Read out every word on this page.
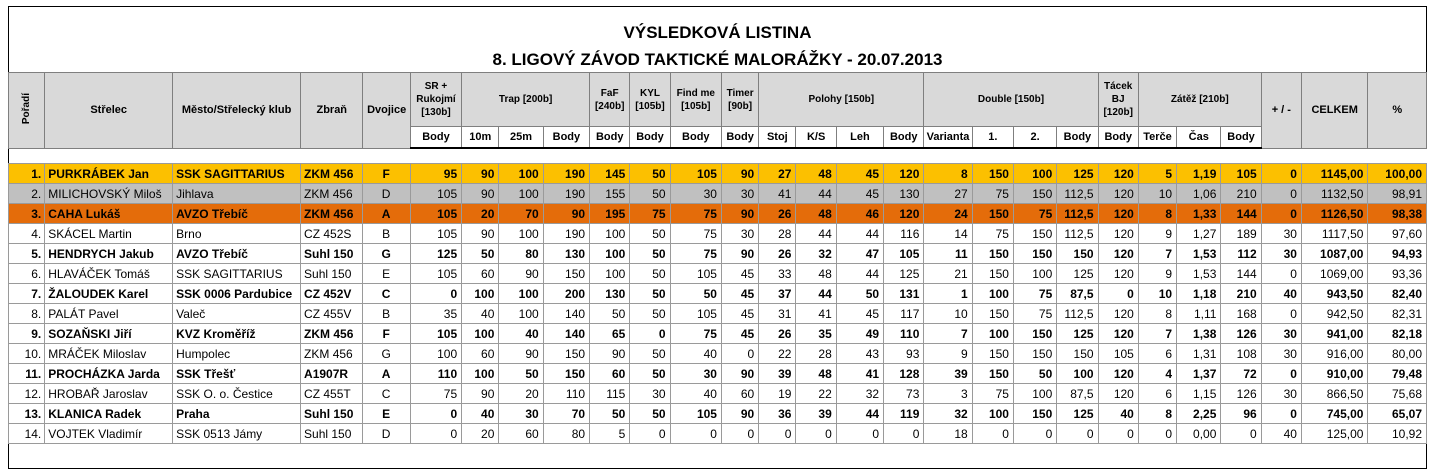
VÝSLEDKOVÁ LISTINA
8. LIGOVÝ ZÁVOD TAKTICKÉ MALORÁŽKY - 20.07.2013
Pořadí	Střelec	Město/Střelecký klub	Zbraň	Dvojice	SR + Rukojmí [130b]	Trap [200b]			FaF [240b]	KYL [105b]	Find me [105b]	Timer [90b]	Polohy [150b]				Double [150b]				Tácek BJ [120b]	Zátěž [210b]			+ / -	CELKEM	%
					Body	10m	25m	Body	Body	Body	Body	Body	Stoj	K/S	Leh	Body	Varianta	1.	2.	Body	Body	Terče	Čas	Body			

1.	PURKRÁBEK Jan	SSK SAGITTARIUS	ZKM 456	F	95	90	100	190	145	50	105	90	27	48	45	120	8	150	100	125	120	5	1,19	105	0	1145,00	100,00
2.	MILICHOVSKÝ Miloš	Jihlava	ZKM 456	D	105	90	100	190	155	50	30	30	41	44	45	130	27	75	150	112,5	120	10	1,06	210	0	1132,50	98,91
3.	CAHA Lukáš	AVZO Třebíč	ZKM 456	A	105	20	70	90	195	75	75	90	26	48	46	120	24	150	75	112,5	120	8	1,33	144	0	1126,50	98,38
4.	SKÁCEL Martin	Brno	CZ 452S	B	105	90	100	190	100	50	75	30	28	44	44	116	14	75	150	112,5	120	9	1,27	189	30	1117,50	97,60
5.	HENDRYCH Jakub	AVZO Třebíč	Suhl 150	G	125	50	80	130	100	50	75	90	26	32	47	105	11	150	150	150	120	7	1,53	112	30	1087,00	94,93
6.	HLAVÁČEK Tomáš	SSK SAGITTARIUS	Suhl 150	E	105	60	90	150	100	50	105	45	33	48	44	125	21	150	100	125	120	9	1,53	144	0	1069,00	93,36
7.	ŽALOUDEK Karel	SSK 0006 Pardubice	CZ 452V	C	0	100	100	200	130	50	50	45	37	44	50	131	1	100	75	87,5	0	10	1,18	210	40	943,50	82,40
8.	PALÁT Pavel	Valeč	CZ 455V	B	35	40	100	140	50	50	105	45	31	41	45	117	10	150	75	112,5	120	8	1,11	168	0	942,50	82,31
9.	SOZAŇSKI Jiří	KVZ Kroměříž	ZKM 456	F	105	100	40	140	65	0	75	45	26	35	49	110	7	100	150	125	120	7	1,38	126	30	941,00	82,18
10.	MRÁČEK Miloslav	Humpolec	ZKM 456	G	100	60	90	150	90	50	40	0	22	28	43	93	9	150	150	150	105	6	1,31	108	30	916,00	80,00
11.	PROCHÁZKA Jarda	SSK Třešť	A1907R	A	110	100	50	150	60	50	30	90	39	48	41	128	39	150	50	100	120	4	1,37	72	0	910,00	79,48
12.	HROBAŘ Jaroslav	SSK O. o. Čestice	CZ 455T	C	75	90	20	110	115	30	40	60	19	22	32	73	3	75	100	87,5	120	6	1,15	126	30	866,50	75,68
13.	KLANICA Radek	Praha	Suhl 150	E	0	40	30	70	50	50	105	90	36	39	44	119	32	100	150	125	40	8	2,25	96	0	745,00	65,07
14.	VOJTEK Vladimír	SSK 0513 Jámy	Suhl 150	D	0	20	60	80	5	0	0	0	0	0	0	0	18	0	0	0	0	0	0,00	0	40	125,00	10,92
